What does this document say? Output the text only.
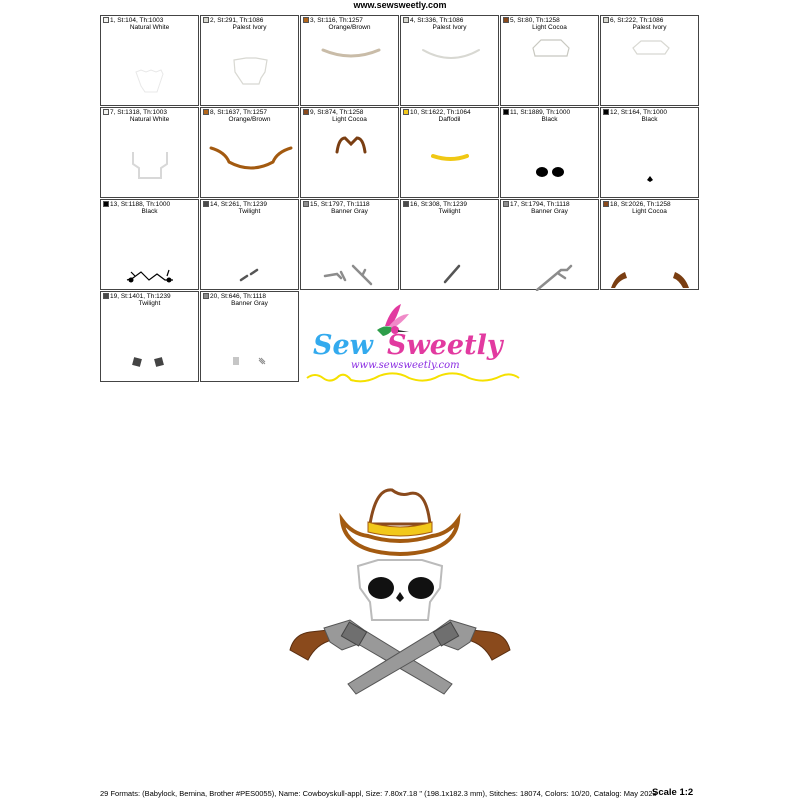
www.sewsweetly.com
1, St:104, Th:1003
Natural White
2, St:291, Th:1086
Palest Ivory
3, St:116, Th:1257
Orange/Brown
4, St:336, Th:1086
Palest Ivory
5, St:80, Th:1258
Light Cocoa
6, St:222, Th:1086
Palest Ivory
7, St:1318, Th:1003
Natural White
8, St:1637, Th:1257
Orange/Brown
9, St:874, Th:1258
Light Cocoa
10, St:1622, Th:1064
Daffodil
11, St:1889, Th:1000
Black
12, St:164, Th:1000
Black
13, St:1188, Th:1000
Black
14, St:261, Th:1239
Twilight
15, St:1797, Th:1118
Banner Gray
16, St:308, Th:1239
Twilight
17, St:1794, Th:1118
Banner Gray
18, St:2026, Th:1258
Light Cocoa
19, St:1401, Th:1239
Twilight
20, St:646, Th:1118
Banner Gray
Sew Sweetly
www.sewsweetly.com
29 Formats: (Babylock, Bernina, Brother #PES0055), Name: Cowboyskull-appl, Size: 7.80x7.18 " (198.1x182.3 mm), Stitches: 18074, Colors: 10/20, Catalog: May 2023
Scale 1:2
